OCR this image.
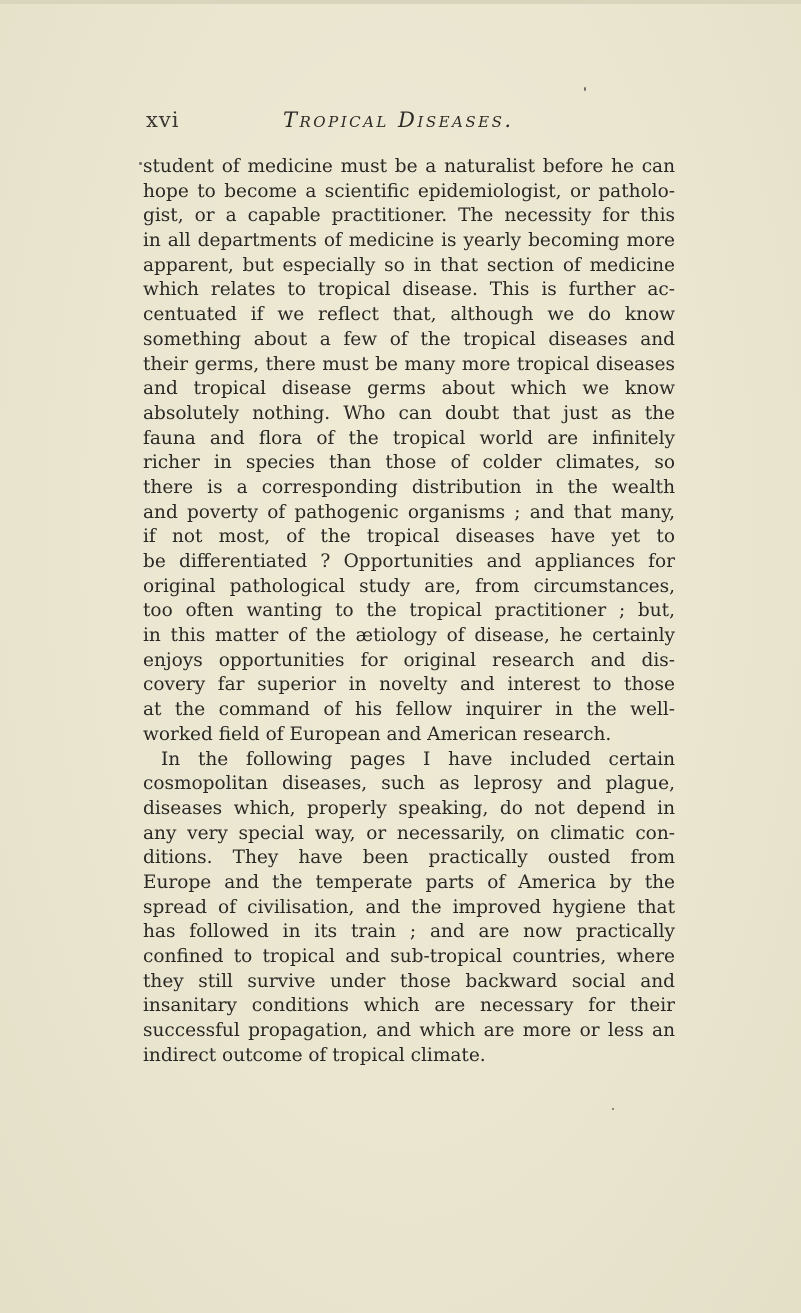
xvi	Tropical Diseases.
student of medicine must be a naturalist before he can
hope to become a scientific epidemiologist, or patholo-
gist, or a capable practitioner. The necessity for this
in all departments of medicine is yearly becoming more
apparent, but especially so in that section of medicine
which relates to tropical disease. This is further ac-
centuated if we reflect that, although we do know
something about a few of the tropical diseases and
their germs, there must be many more tropical diseases
and tropical disease germs about which we know
absolutely nothing. Who can doubt that just as the
fauna and flora of the tropical world are infinitely
richer in species than those of colder climates, so
there is a corresponding distribution in the wealth
and poverty of pathogenic organisms ; and that many,
if not most, of the tropical diseases have yet to
be differentiated ? Opportunities and appliances for
original pathological study are, from circumstances,
too often wanting to the tropical practitioner ; but,
in this matter of the ætiology of disease, he certainly
enjoys opportunities for original research and dis-
covery far superior in novelty and interest to those
at the command of his fellow inquirer in the well-
worked field of European and American research.
In the following pages I have included certain
cosmopolitan diseases, such as leprosy and plague,
diseases which, properly speaking, do not depend in
any very special way, or necessarily, on climatic con-
ditions. They have been practically ousted from
Europe and the temperate parts of America by the
spread of civilisation, and the improved hygiene that
has followed in its train ; and are now practically
confined to tropical and sub-tropical countries, where
they still survive under those backward social and
insanitary conditions which are necessary for their
successful propagation, and which are more or less an
indirect outcome of tropical climate.
